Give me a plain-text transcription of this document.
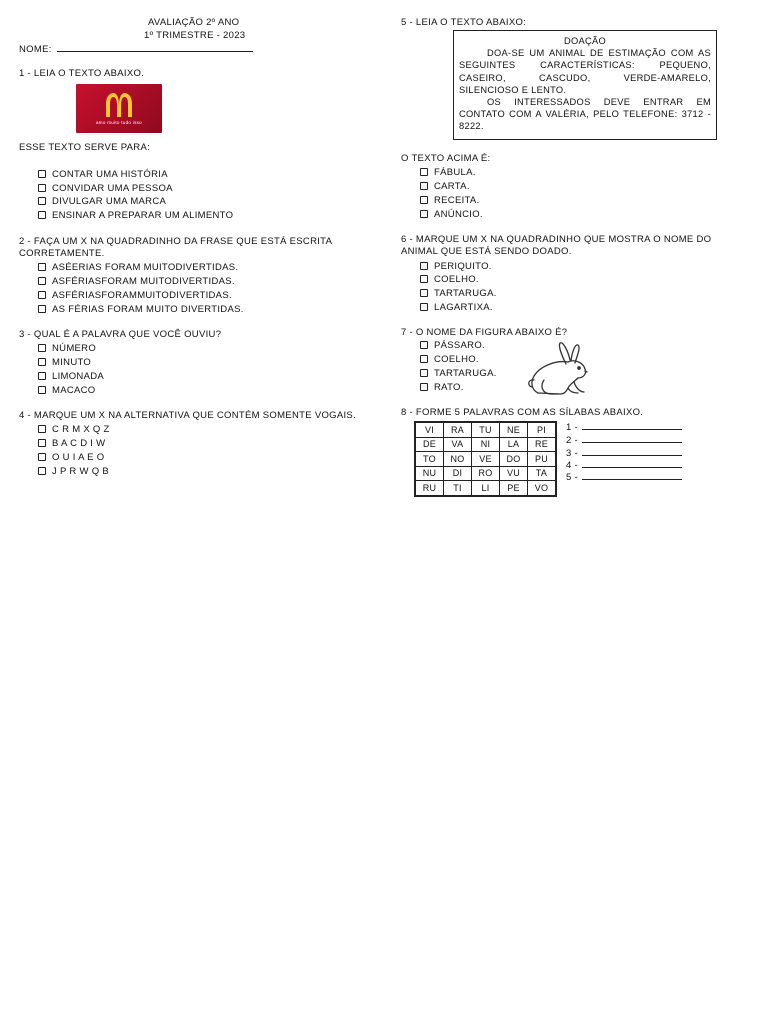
AVALIAÇÃO 2º ANO
1º TRIMESTRE - 2023
NOME:
1 - LEIA O TEXTO ABAIXO.
amo muito tudo isso
ESSE TEXTO SERVE PARA:
CONTAR UMA HISTÓRIA
CONVIDAR UMA PESSOA
DIVULGAR UMA MARCA
ENSINAR A PREPARAR UM ALIMENTO
2 - FAÇA UM X NA QUADRADINHO DA FRASE QUE ESTÁ ESCRITA
CORRETAMENTE.
ASÉERIAS FORAM MUITODIVERTIDAS.
ASFÉRIASFORAM MUITODIVERTIDAS.
ASFÉRIASFORAMMUITODIVERTIDAS.
AS FÉRIAS FORAM MUITO DIVERTIDAS.
3 - QUAL É A PALAVRA QUE VOCÊ OUVIU?
NÚMERO
MINUTO
LIMONADA
MACACO
4 - MARQUE UM X NA ALTERNATIVA QUE CONTÉM SOMENTE VOGAIS.
C R M X Q Z
B A C D I W
O U I A E O
J P R W Q B
5 - LEIA O TEXTO ABAIXO:

DOAÇÃO

DOA-SE UM ANIMAL DE ESTIMAÇÃO COM AS SEGUINTES CARACTERÍSTICAS: PEQUENO, CASEIRO, CASCUDO, VERDE-AMARELO, SILENCIOSO E LENTO.

OS INTERESSADOS DEVE ENTRAR EM CONTATO COM A VALÉRIA, PELO TELEFONE: 3712 - 8222.

O TEXTO ACIMA É:
FÁBULA.
CARTA.
RECEITA.
ANÚNCIO.
6 - MARQUE UM X NA QUADRADINHO QUE MOSTRA O NOME DO
ANIMAL QUE ESTÁ SENDO DOADO.
PERIQUITO.
COELHO.
TARTARUGA.
LAGARTIXA.
7 - O NOME DA FIGURA ABAIXO É?
PÁSSARO.
COELHO.
TARTARUGA.
RATO.
8 - FORME 5 PALAVRAS COM AS SÍLABAS ABAIXO.
VI	RA	TU	NE	PI
DE	VA	NI	LA	RE
TO	NO	VE	DO	PU
NU	DI	RO	VU	TA
RU	TI	LI	PE	VO
1 -
2 -
3 -
4 -
5 -
